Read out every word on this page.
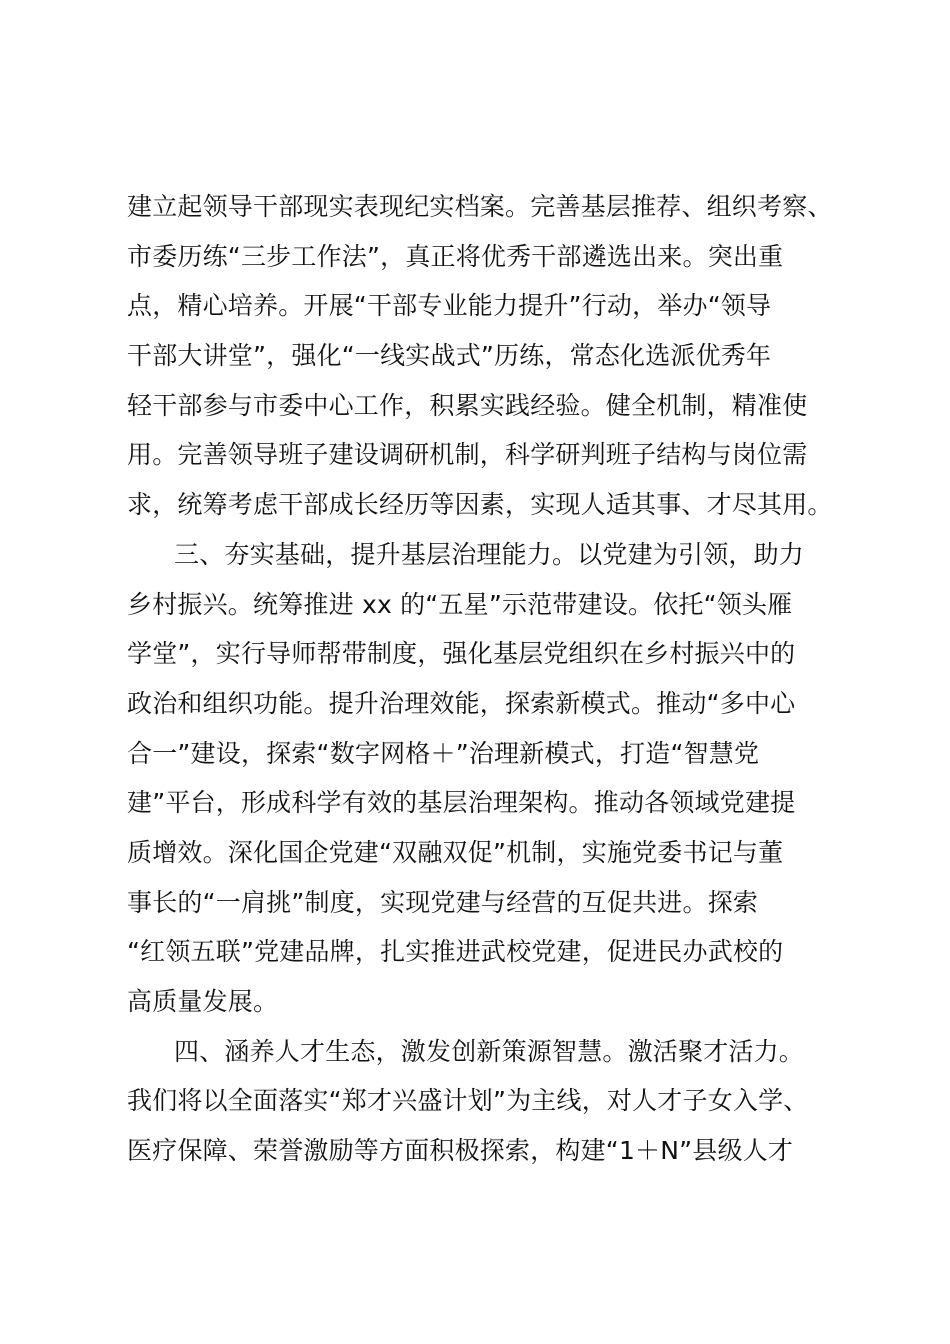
建立起领导干部现实表现纪实档案。完善基层推荐、组织考察、
市委历练“三步工作法”，真正将优秀干部遴选出来。突出重
点，精心培养。开展“干部专业能力提升”行动，举办“领导
干部大讲堂”，强化“一线实战式”历练，常态化选派优秀年
轻干部参与市委中心工作，积累实践经验。健全机制，精准使
用。完善领导班子建设调研机制，科学研判班子结构与岗位需
求，统筹考虑干部成长经历等因素，实现人适其事、才尽其用。
三、夯实基础，提升基层治理能力。以党建为引领，助力
乡村振兴。统筹推进 xx 的“五星”示范带建设。依托“领头雁
学堂”，实行导师帮带制度，强化基层党组织在乡村振兴中的
政治和组织功能。提升治理效能，探索新模式。推动“多中心
合一”建设，探索“数字网格＋”治理新模式，打造“智慧党
建”平台，形成科学有效的基层治理架构。推动各领域党建提
质增效。深化国企党建“双融双促”机制，实施党委书记与董
事长的“一肩挑”制度，实现党建与经营的互促共进。探索
“红领五联”党建品牌，扎实推进武校党建，促进民办武校的
高质量发展。
四、涵养人才生态，激发创新策源智慧。激活聚才活力。
我们将以全面落实“郑才兴盛计划”为主线，对人才子女入学、
医疗保障、荣誉激励等方面积极探索，构建“1＋N”县级人才
